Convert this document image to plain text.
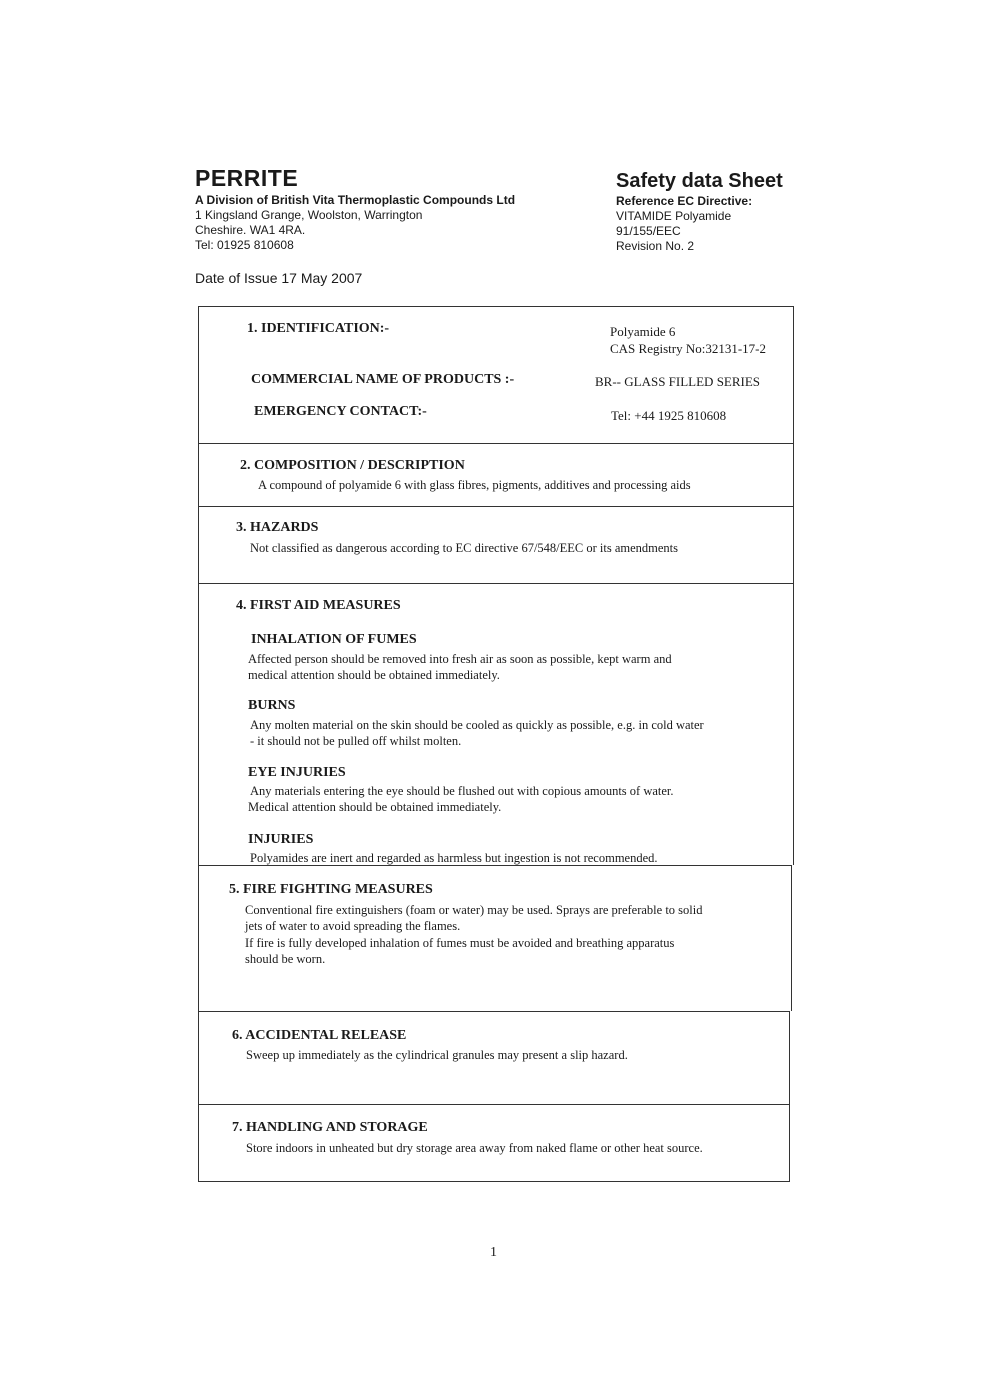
PERRITE
A Division of British Vita Thermoplastic Compounds Ltd
1 Kingsland Grange, Woolston, Warrington
Cheshire. WA1 4RA.
Tel: 01925 810608
Safety data Sheet
Reference EC Directive:
VITAMIDE Polyamide
91/155/EEC
Revision No. 2
Date of Issue 17 May 2007
1. IDENTIFICATION:-	Polyamide 6
CAS Registry No:32131-17-2
COMMERCIAL NAME OF PRODUCTS :-	BR-- GLASS FILLED SERIES
EMERGENCY CONTACT:-	Tel: +44 1925 810608
2. COMPOSITION / DESCRIPTION
A compound of polyamide 6 with glass fibres, pigments, additives and processing aids
3. HAZARDS
Not classified as dangerous according to EC directive 67/548/EEC or its amendments
4. FIRST AID MEASURES
INHALATION OF FUMES
Affected person should be removed into fresh air as soon as possible, kept warm and
medical attention should be obtained immediately.
BURNS
Any molten material on the skin should be cooled as quickly as possible, e.g. in cold water
- it should not be pulled off whilst molten.
EYE INJURIES
Any materials entering the eye should be flushed out with copious amounts of water.
Medical attention should be obtained immediately.
INJURIES
Polyamides are inert and regarded as harmless but ingestion is not recommended.
5. FIRE FIGHTING MEASURES
Conventional fire extinguishers (foam or water) may be used. Sprays are preferable to solid
jets of water to avoid spreading the flames.
If fire is fully developed inhalation of fumes must be avoided and breathing apparatus
should be worn.
6. ACCIDENTAL RELEASE
Sweep up immediately as the cylindrical granules may present a slip hazard.
7. HANDLING AND STORAGE
Store indoors in unheated but dry storage area away from naked flame or other heat source.
1
